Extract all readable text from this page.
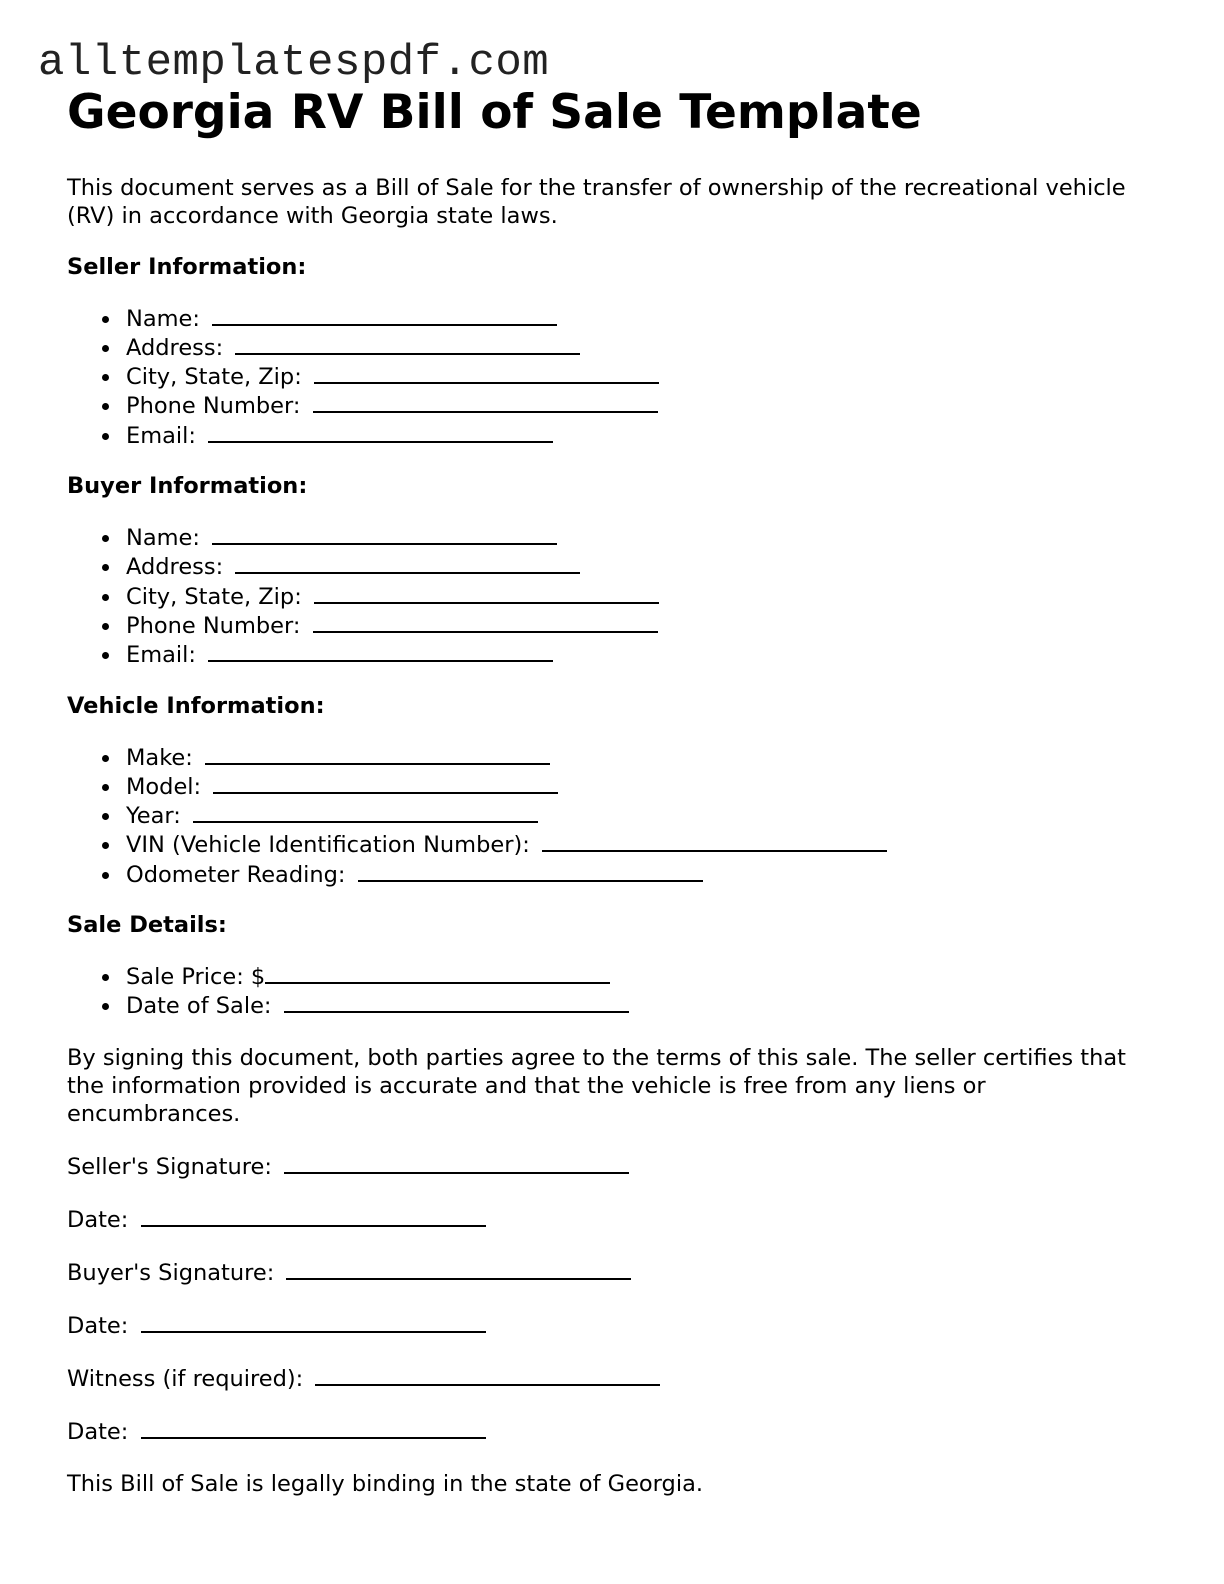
alltemplatespdf.com
Georgia RV Bill of Sale Template

This document serves as a Bill of Sale for the transfer of ownership of the recreational vehicle (RV) in accordance with Georgia state laws.

Seller Information:
Name:
Address:
City, State, Zip:
Phone Number:
Email:
Buyer Information:
Name:
Address:
City, State, Zip:
Phone Number:
Email:
Vehicle Information:
Make:
Model:
Year:
VIN (Vehicle Identification Number):
Odometer Reading:
Sale Details:
Sale Price: $
Date of Sale:

By signing this document, both parties agree to the terms of this sale. The seller certifies that the information provided is accurate and that the vehicle is free from any liens or encumbrances.

Seller's Signature:

Date:

Buyer's Signature:

Date:

Witness (if required):

Date:

This Bill of Sale is legally binding in the state of Georgia.
